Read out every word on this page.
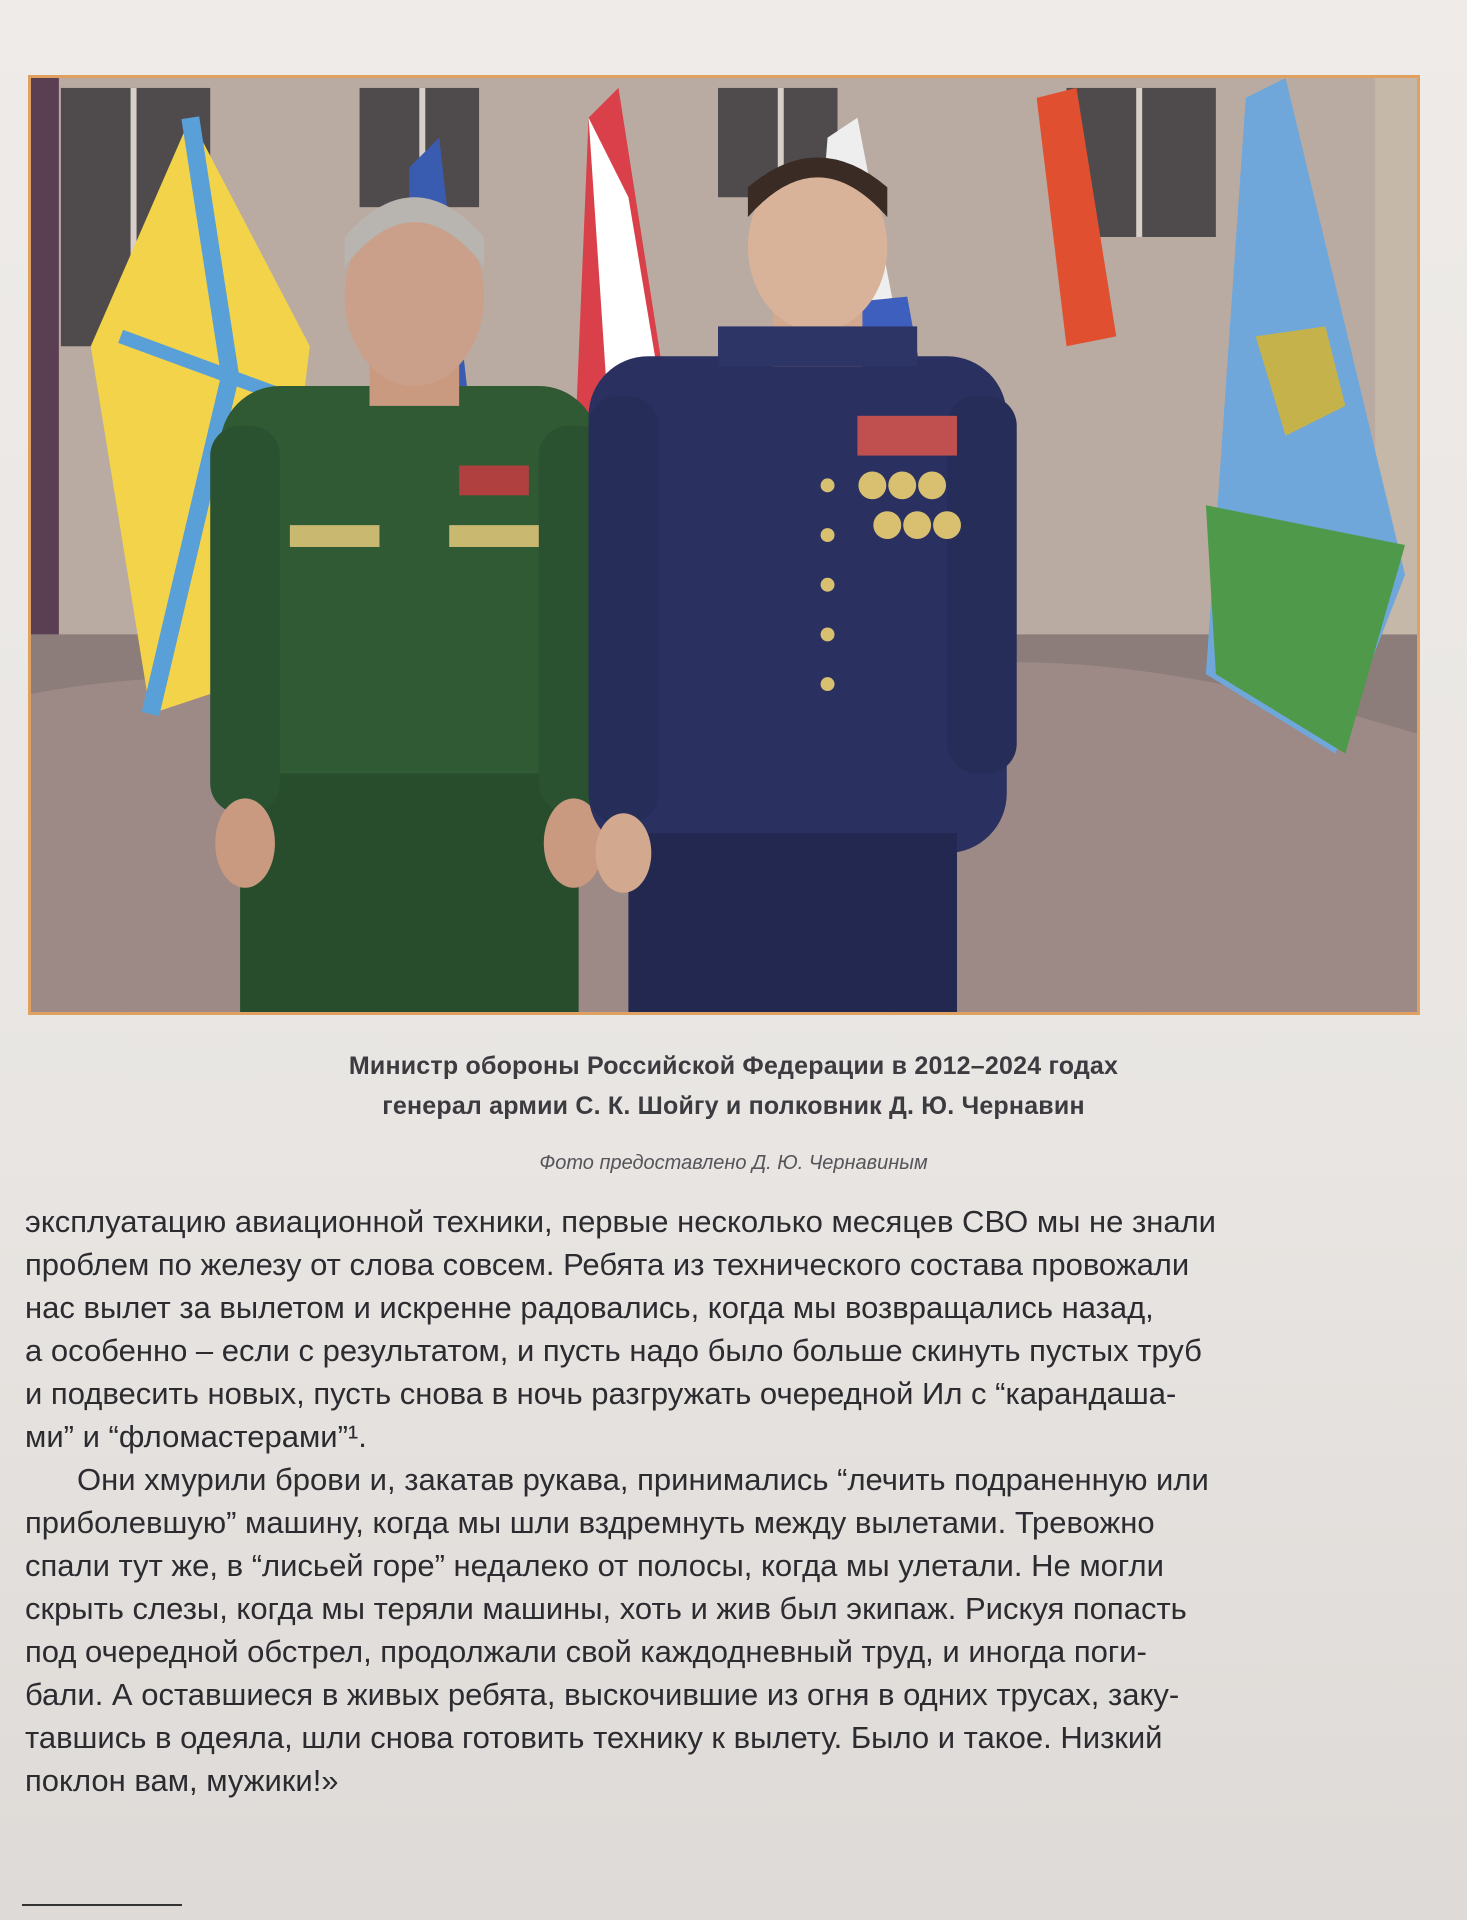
Министр обороны Российской Федерации в 2012–2024 годах
генерал армии С. К. Шойгу и полковник Д. Ю. Чернавин
Фото предоставлено Д. Ю. Чернавиным
эксплуатацию авиационной техники, первые несколько месяцев СВО мы не знали
проблем по железу от слова совсем. Ребята из технического состава провожали
нас вылет за вылетом и искренне радовались, когда мы возвращались назад,
а особенно – если с результатом, и пусть надо было больше скинуть пустых труб
и подвесить новых, пусть снова в ночь разгружать очередной Ил с “карандаша-
ми” и “фломастерами”¹.
Они хмурили брови и, закатав рукава, принимались “лечить подраненную или
приболевшую” машину, когда мы шли вздремнуть между вылетами. Тревожно
спали тут же, в “лисьей горе” недалеко от полосы, когда мы улетали. Не могли
скрыть слезы, когда мы теряли машины, хоть и жив был экипаж. Рискуя попасть
под очередной обстрел, продолжали свой каждодневный труд, и иногда поги-
бали. А оставшиеся в живых ребята, выскочившие из огня в одних трусах, заку-
тавшись в одеяла, шли снова готовить технику к вылету. Было и такое. Низкий
поклон вам, мужики!»
